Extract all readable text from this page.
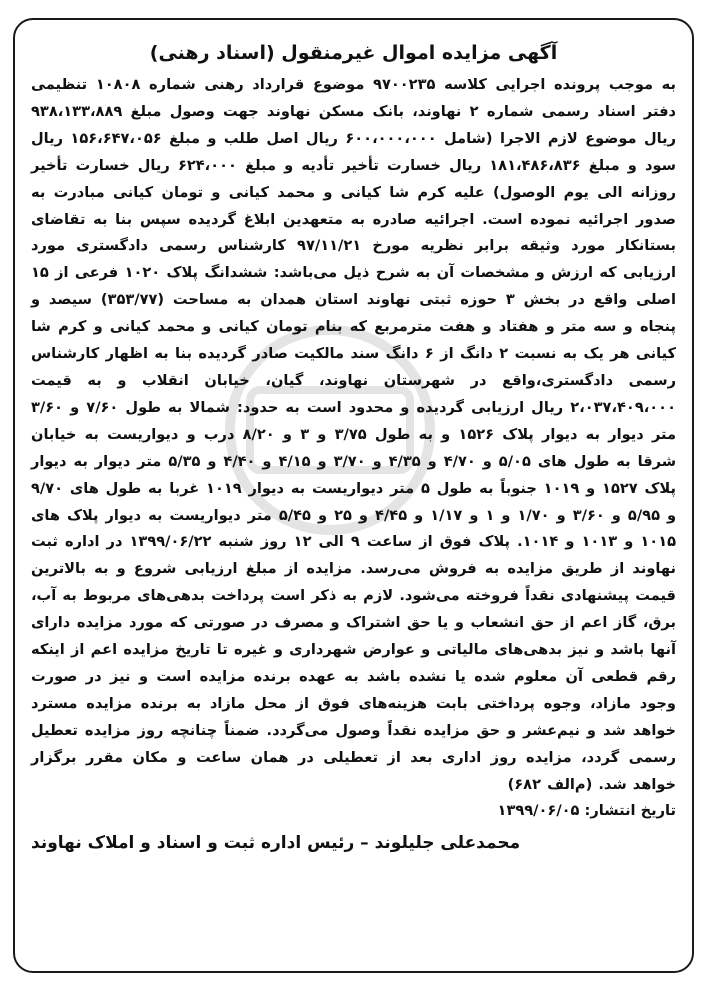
آگهی مزایده اموال غیرمنقول (اسناد رهنی)

به موجب پرونده اجرایی کلاسه ۹۷۰۰۲۳۵ موضوع قرارداد رهنی شماره ۱۰۸۰۸ تنظیمی دفتر اسناد رسمی شماره ۲ نهاوند، بانک مسکن نهاوند جهت وصول مبلغ ۹۳۸،۱۳۳،۸۸۹ ریال موضوع لازم الاجرا (شامل ۶۰۰،۰۰۰،۰۰۰ ریال اصل طلب و مبلغ ۱۵۶،۶۴۷،۰۵۶ ریال سود و مبلغ ۱۸۱،۴۸۶،۸۳۶ ریال خسارت تأخیر تأدیه و مبلغ ۶۲۴،۰۰۰ ریال خسارت تأخیر روزانه الی یوم الوصول) علیه کرم شا کیانی و محمد کیانی و تومان کیانی مبادرت به صدور اجرائیه نموده است. اجرائیه صادره به متعهدین ابلاغ گردیده سپس بنا به تقاضای بستانکار مورد وثیقه برابر نظریه مورخ ۹۷/۱۱/۲۱ کارشناس رسمی دادگستری مورد ارزیابی که ارزش و مشخصات آن به شرح ذیل می‌باشد: ششدانگ پلاک ۱۰۲۰ فرعی از ۱۵ اصلی واقع در بخش ۳ حوزه ثبتی نهاوند استان همدان به مساحت (۳۵۳/۷۷) سیصد و پنجاه و سه متر و هفتاد و هفت مترمربع که بنام تومان کیانی و محمد کیانی و کرم شا کیانی هر یک به نسبت ۲ دانگ از ۶ دانگ سند مالکیت صادر گردیده بنا به اظهار کارشناس رسمی دادگستری،واقع در شهرستان نهاوند، گیان، خیابان انقلاب و به قیمت ۲،۰۳۷،۴۰۹،۰۰۰ ریال ارزیابی گردیده و محدود است به حدود: شمالا به طول ۷/۶۰ و ۳/۶۰ متر دیوار به دیوار پلاک ۱۵۲۶ و به طول ۳/۷۵ و ۳ و ۸/۲۰ درب و دیواریست به خیابان شرقا به طول های ۵/۰۵ و ۴/۷۰ و ۴/۳۵ و ۳/۷۰ و ۴/۱۵ و ۴/۴۰ و ۵/۳۵ متر دیوار به دیوار پلاک ۱۵۲۷ و ۱۰۱۹ جنوباً به طول ۵ متر دیواریست به دیوار ۱۰۱۹ غربا به طول های ۹/۷۰ و ۵/۹۵ و ۳/۶۰ و ۱/۷۰ و ۱ و ۱/۱۷ و ۴/۴۵ و ۲۵ و ۵/۴۵ متر دیواریست به دیوار پلاک های ۱۰۱۵ و ۱۰۱۳ و ۱۰۱۴. پلاک فوق از ساعت ۹ الی ۱۲ روز شنبه ۱۳۹۹/۰۶/۲۲ در اداره ثبت نهاوند از طریق مزایده به فروش می‌رسد. مزایده از مبلغ ارزیابی شروع و به بالاترین قیمت پیشنهادی نقداً فروخته می‌شود. لازم به ذکر است پرداخت بدهی‌های مربوط به آب، برق، گاز اعم از حق انشعاب و یا حق اشتراک و مصرف در صورتی که مورد مزایده دارای آنها باشد و نیز بدهی‌های مالیاتی و عوارض شهرداری و غیره تا تاریخ مزایده اعم از اینکه رقم قطعی آن معلوم شده یا نشده باشد به عهده برنده مزایده است و نیز در صورت وجود مازاد، وجوه پرداختی بابت هزینه‌های فوق از محل مازاد به برنده مزایده مسترد خواهد شد و نیم‌عشر و حق مزایده نقداً وصول می‌گردد. ضمناً چنانچه روز مزایده تعطیل رسمی گردد، مزایده روز اداری بعد از تعطیلی در همان ساعت و مکان مقرر برگزار خواهد شد. (م‌الف ۶۸۲)

تاریخ انتشار: ۱۳۹۹/۰۶/۰۵

محمدعلی جلیلوند – رئیس اداره ثبت و اسناد و املاک نهاوند
